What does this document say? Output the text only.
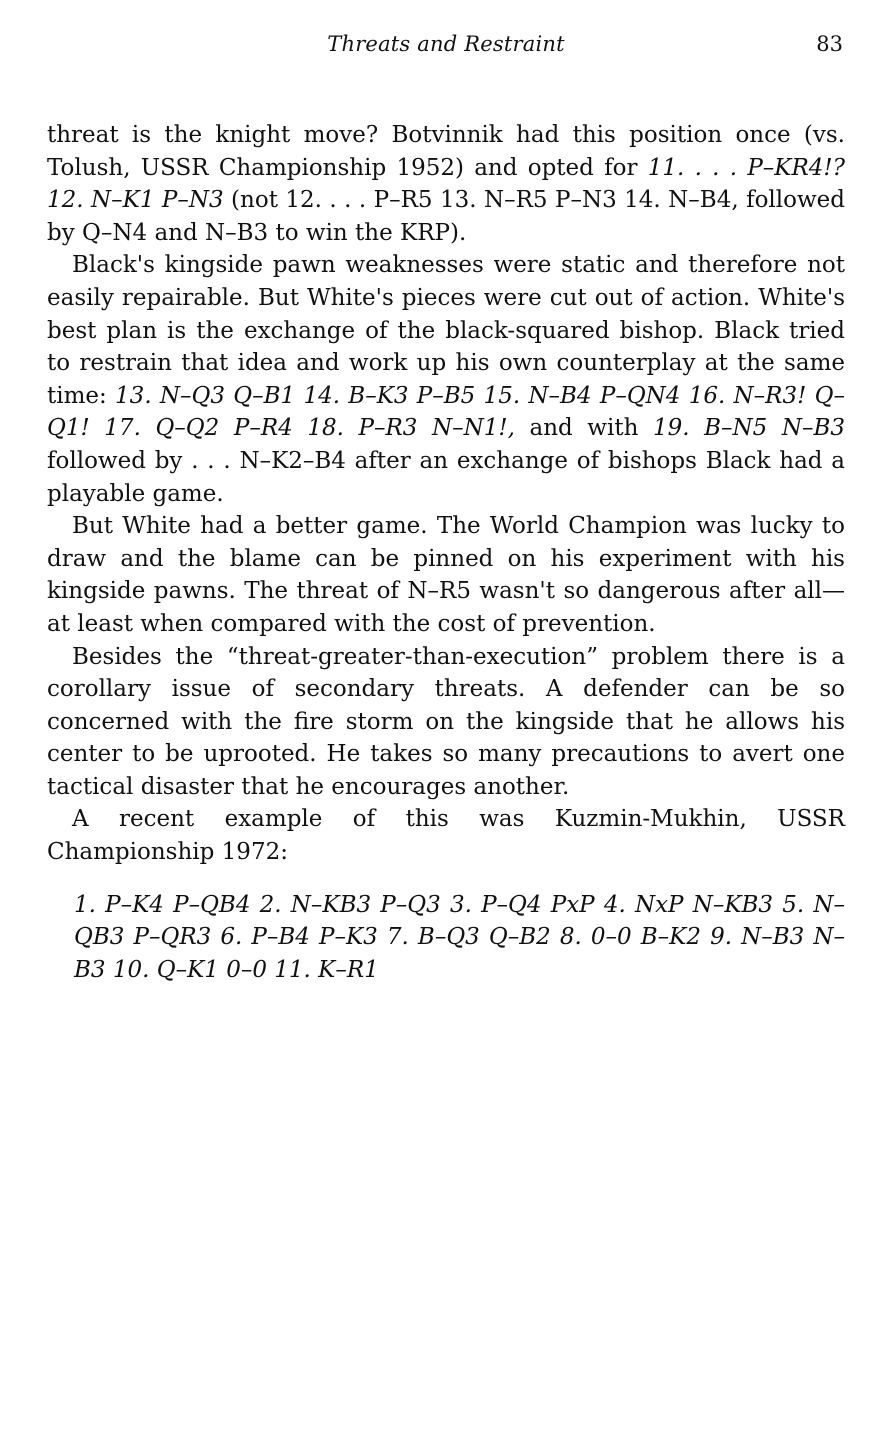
Threats and Restraint	83

threat is the knight move? Botvinnik had this position once (vs. Tolush, USSR Championship 1952) and opted for 11. . . . P–KR4!? 12. N–K1 P–N3 (not 12. . . . P–R5 13. N–R5 P–N3 14. N–B4, followed by Q–N4 and N–B3 to win the KRP).

Black's kingside pawn weaknesses were static and therefore not easily repairable. But White's pieces were cut out of action. White's best plan is the exchange of the black-squared bishop. Black tried to restrain that idea and work up his own counterplay at the same time: 13. N–Q3 Q–B1 14. B–K3 P–B5 15. N–B4 P–QN4 16. N–R3! Q–Q1! 17. Q–Q2 P–R4 18. P–R3 N–N1!, and with 19. B–N5 N–B3 followed by . . . N–K2–B4 after an exchange of bishops Black had a playable game.

But White had a better game. The World Champion was lucky to draw and the blame can be pinned on his experiment with his kingside pawns. The threat of N–R5 wasn't so dangerous after all—at least when compared with the cost of prevention.

Besides the “threat-greater-than-execution” problem there is a corollary issue of secondary threats. A defender can be so concerned with the fire storm on the kingside that he allows his center to be uprooted. He takes so many precautions to avert one tactical disaster that he encourages another.

A recent example of this was Kuzmin-Mukhin, USSR Championship 1972:

1. P–K4 P–QB4 2. N–KB3 P–Q3 3. P–Q4 PxP 4. NxP N–KB3 5. N–QB3 P–QR3 6. P–B4 P–K3 7. B–Q3 Q–B2 8. 0–0 B–K2 9. N–B3 N–B3 10. Q–K1 0–0 11. K–R1
